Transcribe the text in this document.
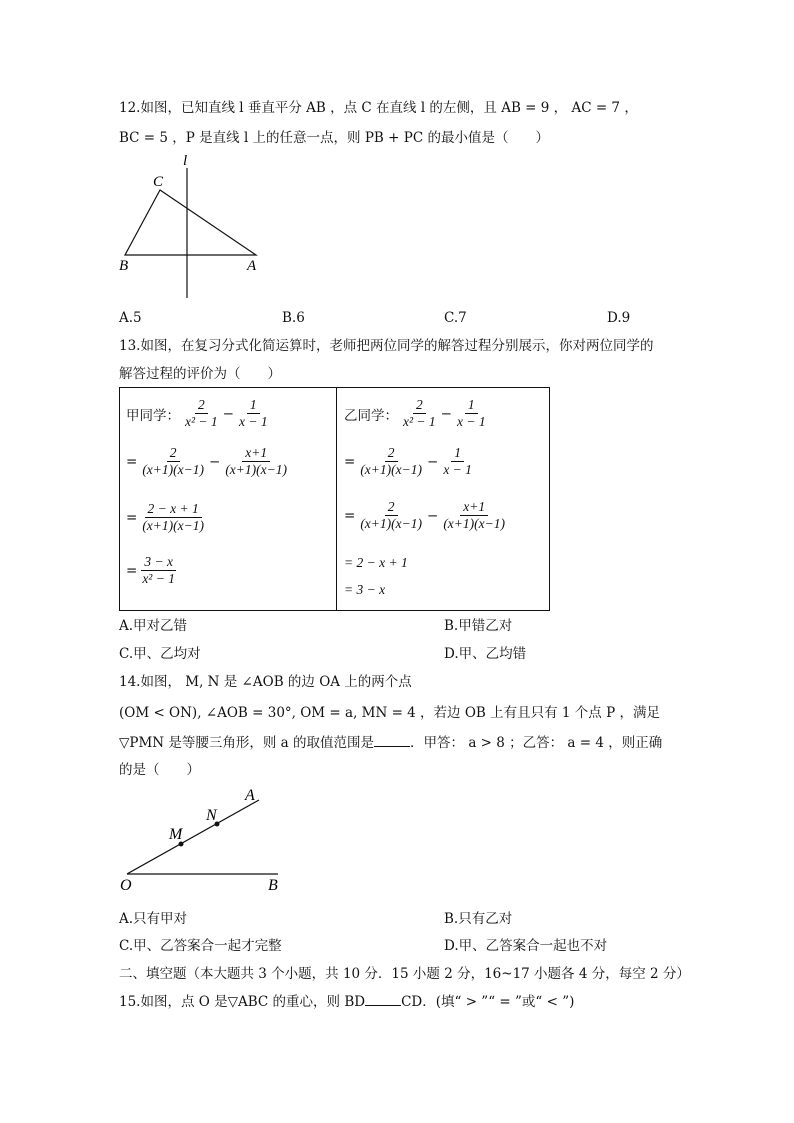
12.如图，已知直线 l 垂直平分 AB ，点 C 在直线 l 的左侧，且 AB = 9 ， AC = 7 ，
BC = 5 ，P 是直线 l 上的任意一点，则 PB + PC 的最小值是（　　）
l
C
B	A
A.5	B.6	C.7	D.9
13.如图，在复习分式化简运算时，老师把两位同学的解答过程分别展示，你对两位同学的
解答过程的评价为（　　）
甲同学： $\frac{2}{\text{x² − 1}} - \frac{1}{x - 1}$
= $\frac{2}{(x+1)(x-1)} - \frac{x+1}{(x+1)(x-1)}$
= $\frac{2 - x + 1}{(x+1)(x-1)}$
= $\frac{3 - x}{\text{x² − 1}}$
乙同学： $\frac{2}{\text{x² − 1}} - \frac{1}{x - 1}$
= $\frac{2}{(x+1)(x-1)} - \frac{1}{x - 1}$
= $\frac{2}{(x+1)(x-1)} - \frac{x+1}{(x+1)(x-1)}$
= 2 − x + 1
= 3 − x
A.甲对乙错	B.甲错乙对
C.甲、乙均对	D.甲、乙均错
14.如图， M, N 是 ∠AOB 的边 OA 上的两个点
(OM < ON), ∠AOB = 30°, OM = a, MN = 4 ，若边 OB 上有且只有 1 个点 P ，满足
▽PMN 是等腰三角形，则 a 的取值范围是	．甲答： a > 8 ；乙答： a = 4 ，则正确
的是（　　）
A
N
M
O	B
A.只有甲对	B.只有乙对
C.甲、乙答案合一起才完整	D.甲、乙答案合一起也不对
二、填空题（本大题共 3 个小题，共 10 分．15 小题 2 分，16~17 小题各 4 分，每空 2 分）
15.如图，点 O 是▽ABC 的重心，则 BD	CD．(填“ > ”“ = ”或“ < ”)
